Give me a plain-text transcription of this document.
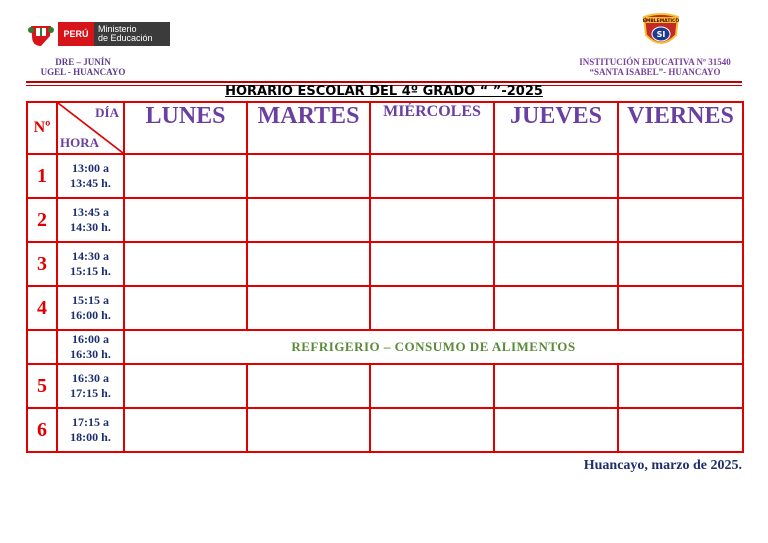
PERÚ	Ministerio
de Educación
DRE – JUNÍN
UGEL - HUANCAYO
EMBLEMÁTICO
SI
INSTITUCIÓN EDUCATIVA Nº 31540
“SANTA ISABEL”- HUANCAYO
HORARIO ESCOLAR DEL 4º GRADO “ ”-2025
Nº	DÍA
HORA	LUNES	MARTES	MIÉRCOLES	JUEVES	VIERNES
1	13:00 a
13:45 h.					
2	13:45 a
14:30 h.					
3	14:30 a
15:15 h.					
4	15:15 a
16:00 h.					
	16:00 a
16:30 h.	REFRIGERIO – CONSUMO DE ALIMENTOS				
5	16:30 a
17:15 h.					
6	17:15 a
18:00 h.					
Huancayo, marzo de 2025.
